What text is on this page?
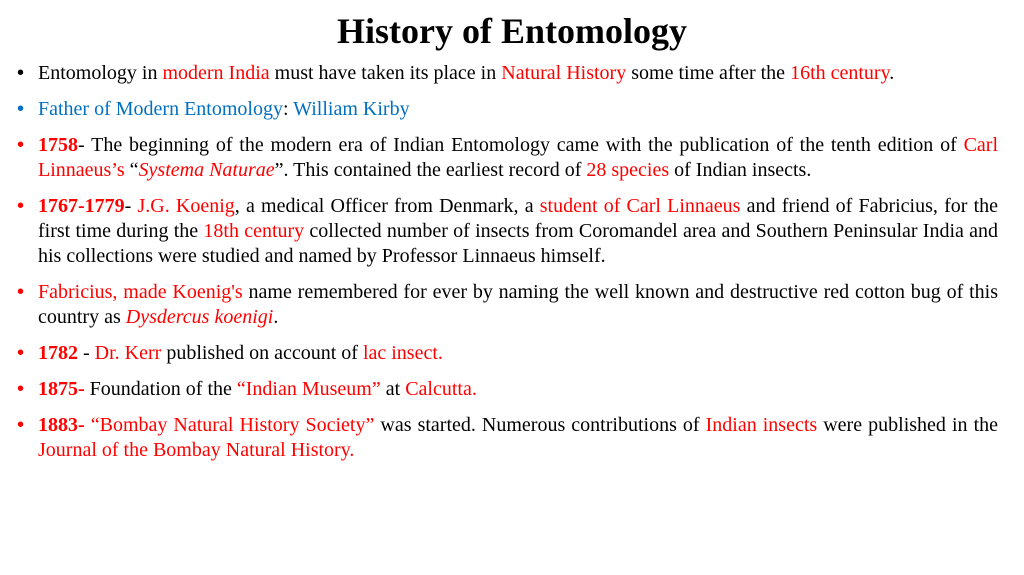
History of Entomology
• Entomology in modern India must have taken its place in Natural History some time after the 16th century.
• Father of Modern Entomology: William Kirby
• 1758- The beginning of the modern era of Indian Entomology came with the publication of the tenth edition of Carl Linnaeus’s “Systema Naturae”. This contained the earliest record of 28 species of Indian insects.
• 1767-1779- J.G. Koenig, a medical Officer from Denmark, a student of Carl Linnaeus and friend of Fabricius, for the first time during the 18th century collected number of insects from Coromandel area and Southern Peninsular India and his collections were studied and named by Professor Linnaeus himself.
• Fabricius, made Koenig's name remembered for ever by naming the well known and destructive red cotton bug of this country as Dysdercus koenigi.
• 1782 - Dr. Kerr published on account of lac insect.
• 1875- Foundation of the “Indian Museum” at Calcutta.
• 1883- “Bombay Natural History Society” was started. Numerous contributions of Indian insects were published in the Journal of the Bombay Natural History.
